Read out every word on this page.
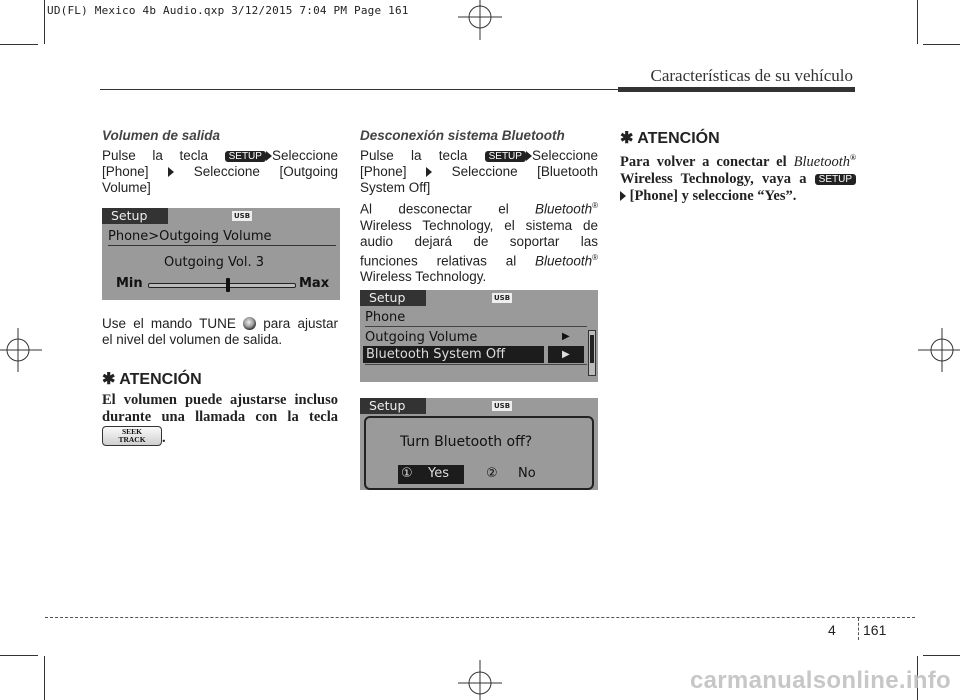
UD(FL) Mexico 4b Audio.qxp 3/12/2015 7:04 PM Page 161
Características de su vehículo
Volumen de salida
Pulse la tecla SETUP Seleccione
[Phone]	Seleccione [Outgoing
Volume]
Setup	USB
Phone>Outgoing Volume
Outgoing Vol. 3
Min	Max
Use el mando TUNE para ajustar
el nivel del volumen de salida.
✱ ATENCIÓN
El volumen puede ajustarse incluso
durante una llamada con la tecla
SEEK
TRACK	.
Desconexión sistema Bluetooth
Pulse la tecla SETUP Seleccione
[Phone]	Seleccione [Bluetooth
System Off]
Al desconectar el Bluetooth®
Wireless Technology, el sistema de
audio dejará de soportar las
funciones relativas al Bluetooth®
Wireless Technology.
Setup	USB
Phone
Outgoing Volume	▶
Bluetooth System Off	▶
Setup	USB
Turn Bluetooth off?
① Yes	② No
✱ ATENCIÓN
Para volver a conectar el Bluetooth®
Wireless Technology, vaya a SETUP
[Phone] y seleccione “Yes”.
4 161
carmanualsonline.info
